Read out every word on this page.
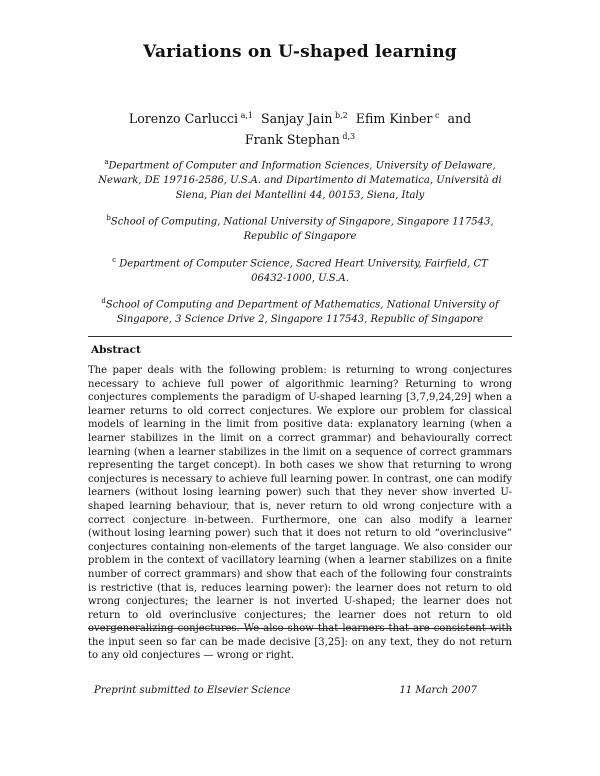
Variations on U-shaped learning
Lorenzo Carlucci $^{a,1}$ Sanjay Jain $^{b,2}$ Efim Kinber $^c$ and
Frank Stephan $^{d,3}$

$^a$Department of Computer and Information Sciences, University of Delaware, Newark, DE 19716-2586, U.S.A. and Dipartimento di Matematica, Università di Siena, Pian dei Mantellini 44, 00153, Siena, Italy

$^b$School of Computing, National University of Singapore, Singapore 117543, Republic of Singapore

$^c$ Department of Computer Science, Sacred Heart University, Fairfield, CT 06432-1000, U.S.A.

$^d$School of Computing and Department of Mathematics, National University of Singapore, 3 Science Drive 2, Singapore 117543, Republic of Singapore

Abstract
The paper deals with the following problem: is returning to wrong conjectures necessary to achieve full power of algorithmic learning? Returning to wrong conjectures complements the paradigm of U-shaped learning [3,7,9,24,29] when a learner returns to old correct conjectures. We explore our problem for classical models of learning in the limit from positive data: explanatory learning (when a learner stabilizes in the limit on a correct grammar) and behaviourally correct learning (when a learner stabilizes in the limit on a sequence of correct grammars representing the target concept). In both cases we show that returning to wrong conjectures is necessary to achieve full learning power. In contrast, one can modify learners (without losing learning power) such that they never show inverted U-shaped learning behaviour, that is, never return to old wrong conjecture with a correct conjecture in-between. Furthermore, one can also modify a learner (without losing learning power) such that it does not return to old “overinclusive” conjectures containing non-elements of the target language. We also consider our problem in the context of vacillatory learning (when a learner stabilizes on a finite number of correct grammars) and show that each of the following four constraints is restrictive (that is, reduces learning power): the learner does not return to old wrong conjectures; the learner is not inverted U-shaped; the learner does not return to old overinclusive conjectures; the learner does not return to old overgeneralizing conjectures. We also show that learners that are consistent with the input seen so far can be made decisive [3,25]: on any text, they do not return to any old conjectures — wrong or right.
Preprint submitted to Elsevier Science	11 March 2007
